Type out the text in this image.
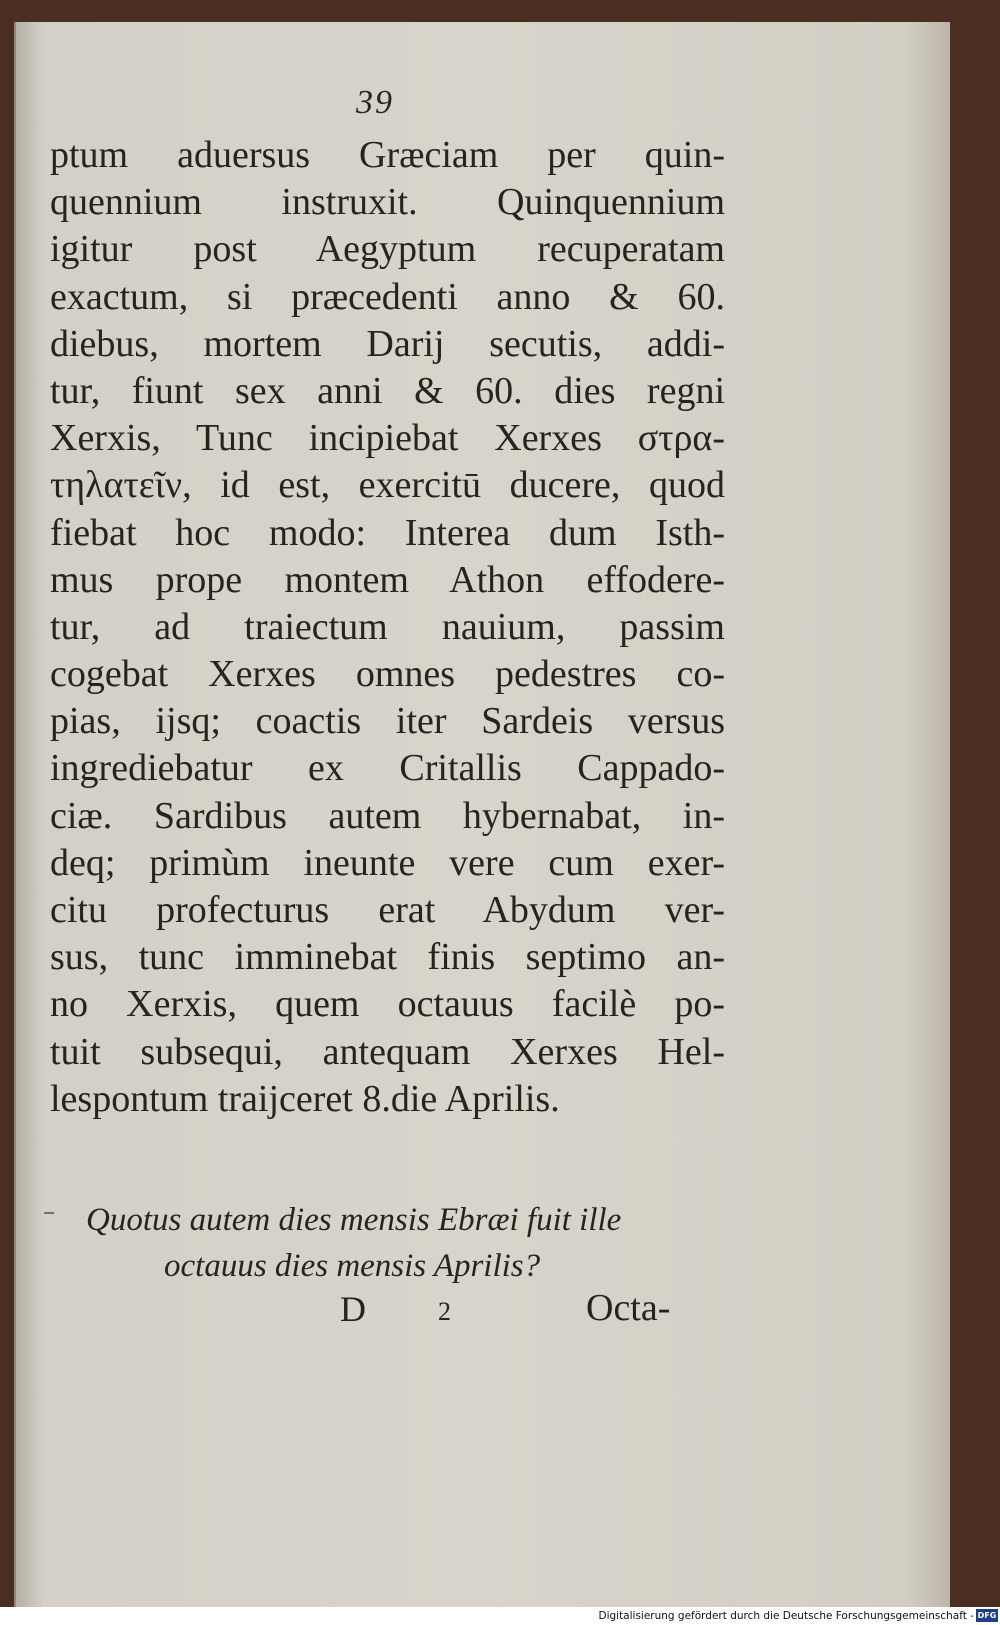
39
ptum aduersus Græciam per quin-
quennium instruxit. Quinquennium
igitur post Aegyptum recuperatam
exactum, si præcedenti anno & 60.
diebus, mortem Darij secutis, addi-
tur, fiunt sex anni & 60. dies regni
Xerxis, Tunc incipiebat Xerxes στρα-
τηλατεῖν, id est, exercitū ducere, quod
fiebat hoc modo: Interea dum Isth-
mus prope montem Athon effodere-
tur, ad traiectum nauium, passim
cogebat Xerxes omnes pedestres co-
pias, ijsq; coactis iter Sardeis versus
ingrediebatur ex Critallis Cappado-
ciæ. Sardibus autem hybernabat, in-
deq; primùm ineunte vere cum exer-
citu profecturus erat Abydum ver-
sus, tunc imminebat finis septimo an-
no Xerxis, quem octauus facilè po-
tuit subsequi, antequam Xerxes Hel-
lespontum traijceret 8.die Aprilis.
Quotus autem dies mensis Ebræi fuit ille
octauus dies mensis Aprilis?
D	2	Octa-
Digitalisierung gefördert durch die Deutsche Forschungsgemeinschaft - DFG
